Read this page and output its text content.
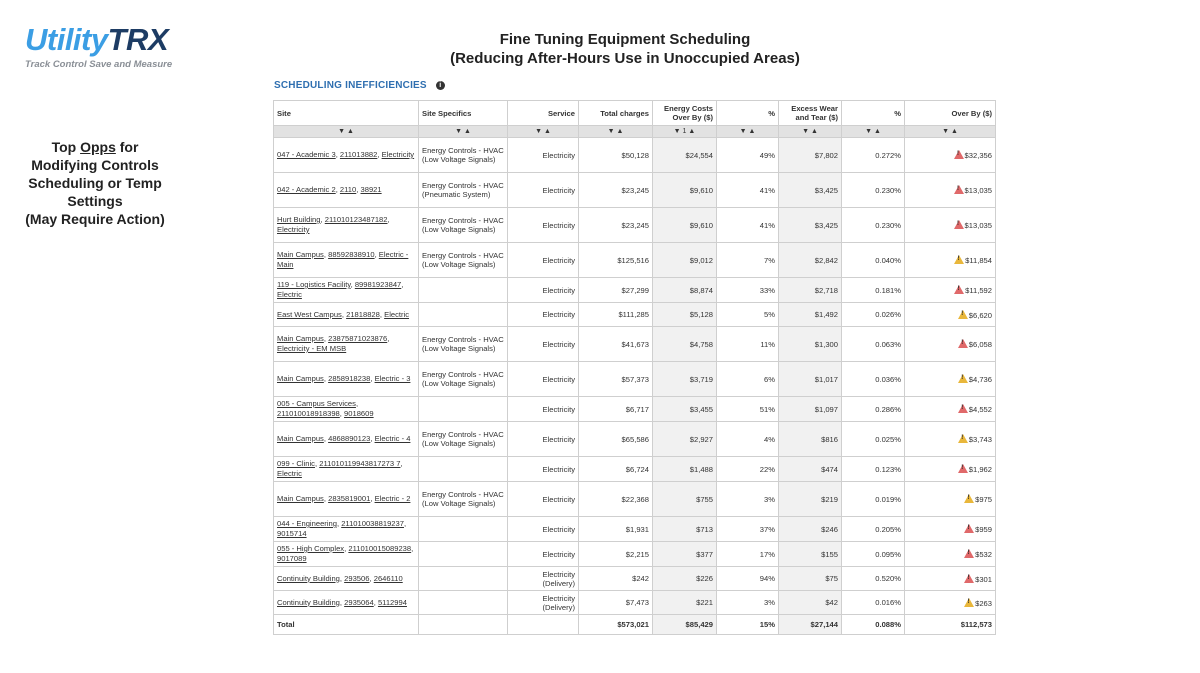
UtilityTRX
Track Control Save and Measure
Fine Tuning Equipment Scheduling
(Reducing After-Hours Use in Unoccupied Areas)
Top Opps for
Modifying Controls
Scheduling or Temp
Settings
(May Require Action)
SCHEDULING INEFFICIENCIES	i
Site	Site Specifics	Service	Total charges	Energy Costs Over By ($)	%	Excess Wear and Tear ($)	%	Over By ($)
▼ ▲	▼ ▲	▼ ▲	▼ ▲	▼ 1 ▲	▼ ▲	▼ ▲	▼ ▲	▼ ▲
047 - Academic 3, 211013882, Electricity	Energy Controls - HVAC (Low Voltage Signals)	Electricity	$50,128	$24,554	49%	$7,802	0.272%	!$32,356
042 - Academic 2, 2110, 38921	Energy Controls - HVAC (Pneumatic System)	Electricity	$23,245	$9,610	41%	$3,425	0.230%	!$13,035
Hurt Building, 211010123487182, Electricity	Energy Controls - HVAC (Low Voltage Signals)	Electricity	$23,245	$9,610	41%	$3,425	0.230%	!$13,035
Main Campus, 88592838910, Electric - Main	Energy Controls - HVAC (Low Voltage Signals)	Electricity	$125,516	$9,012	7%	$2,842	0.040%	!$11,854
119 - Logistics Facility, 89981923847, Electric		Electricity	$27,299	$8,874	33%	$2,718	0.181%	!$11,592
East West Campus, 21818828, Electric		Electricity	$111,285	$5,128	5%	$1,492	0.026%	!$6,620
Main Campus, 23875871023876, Electricity - EM MSB	Energy Controls - HVAC (Low Voltage Signals)	Electricity	$41,673	$4,758	11%	$1,300	0.063%	!$6,058
Main Campus, 2858918238, Electric - 3	Energy Controls - HVAC (Low Voltage Signals)	Electricity	$57,373	$3,719	6%	$1,017	0.036%	!$4,736
005 - Campus Services, 211010018918398, 9018609		Electricity	$6,717	$3,455	51%	$1,097	0.286%	!$4,552
Main Campus, 4868890123, Electric - 4	Energy Controls - HVAC (Low Voltage Signals)	Electricity	$65,586	$2,927	4%	$816	0.025%	!$3,743
099 - Clinic, 211010119943817273 7, Electric		Electricity	$6,724	$1,488	22%	$474	0.123%	!$1,962
Main Campus, 2835819001, Electric - 2	Energy Controls - HVAC (Low Voltage Signals)	Electricity	$22,368	$755	3%	$219	0.019%	!$975
044 - Engineering, 211010038819237, 9015714		Electricity	$1,931	$713	37%	$246	0.205%	!$959
055 - High Complex, 211010015089238, 9017089		Electricity	$2,215	$377	17%	$155	0.095%	!$532
Continuity Building, 293506, 2646110		Electricity (Delivery)	$242	$226	94%	$75	0.520%	!$301
Continuity Building, 2935064, 5112994		Electricity (Delivery)	$7,473	$221	3%	$42	0.016%	!$263
Total			$573,021	$85,429	15%	$27,144	0.088%	$112,573
